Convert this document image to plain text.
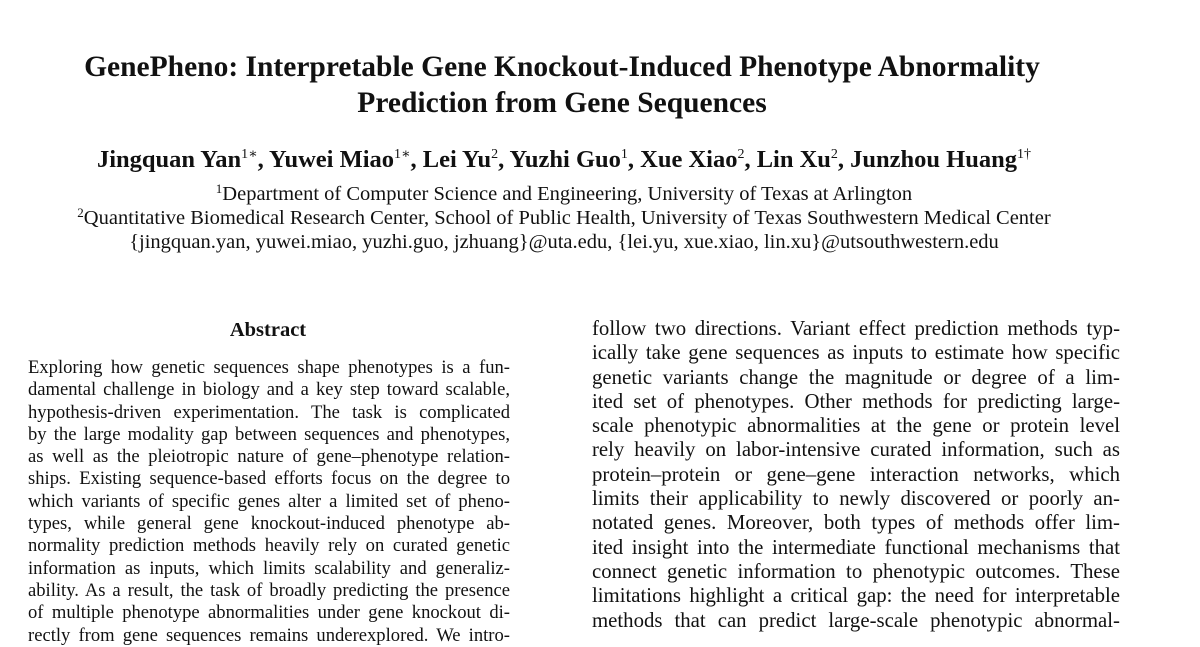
GenePheno: Interpretable Gene Knockout-Induced Phenotype Abnormality
Prediction from Gene Sequences
Jingquan Yan$^{1∗}$, Yuwei Miao$^{1∗}$, Lei Yu$^2$, Yuzhi Guo$^1$, Xue Xiao$^2$, Lin Xu$^2$, Junzhou Huang$^{1\dagger}$
$^1$Department of Computer Science and Engineering, University of Texas at Arlington
$^2$Quantitative Biomedical Research Center, School of Public Health, University of Texas Southwestern Medical Center
{jingquan.yan, yuwei.miao, yuzhi.guo, jzhuang}@uta.edu, {lei.yu, xue.xiao, lin.xu}@utsouthwestern.edu
Abstract
Exploring how genetic sequences shape phenotypes is a fun-
damental challenge in biology and a key step toward scalable,
hypothesis-driven experimentation. The task is complicated
by the large modality gap between sequences and phenotypes,
as well as the pleiotropic nature of gene–phenotype relation-
ships. Existing sequence-based efforts focus on the degree to
which variants of specific genes alter a limited set of pheno-
types, while general gene knockout-induced phenotype ab-
normality prediction methods heavily rely on curated genetic
information as inputs, which limits scalability and generaliz-
ability. As a result, the task of broadly predicting the presence
of multiple phenotype abnormalities under gene knockout di-
rectly from gene sequences remains underexplored. We intro-
follow two directions. Variant effect prediction methods typ-
ically take gene sequences as inputs to estimate how specific
genetic variants change the magnitude or degree of a lim-
ited set of phenotypes. Other methods for predicting large-
scale phenotypic abnormalities at the gene or protein level
rely heavily on labor-intensive curated information, such as
protein–protein or gene–gene interaction networks, which
limits their applicability to newly discovered or poorly an-
notated genes. Moreover, both types of methods offer lim-
ited insight into the intermediate functional mechanisms that
connect genetic information to phenotypic outcomes. These
limitations highlight a critical gap: the need for interpretable
methods that can predict large-scale phenotypic abnormal-
